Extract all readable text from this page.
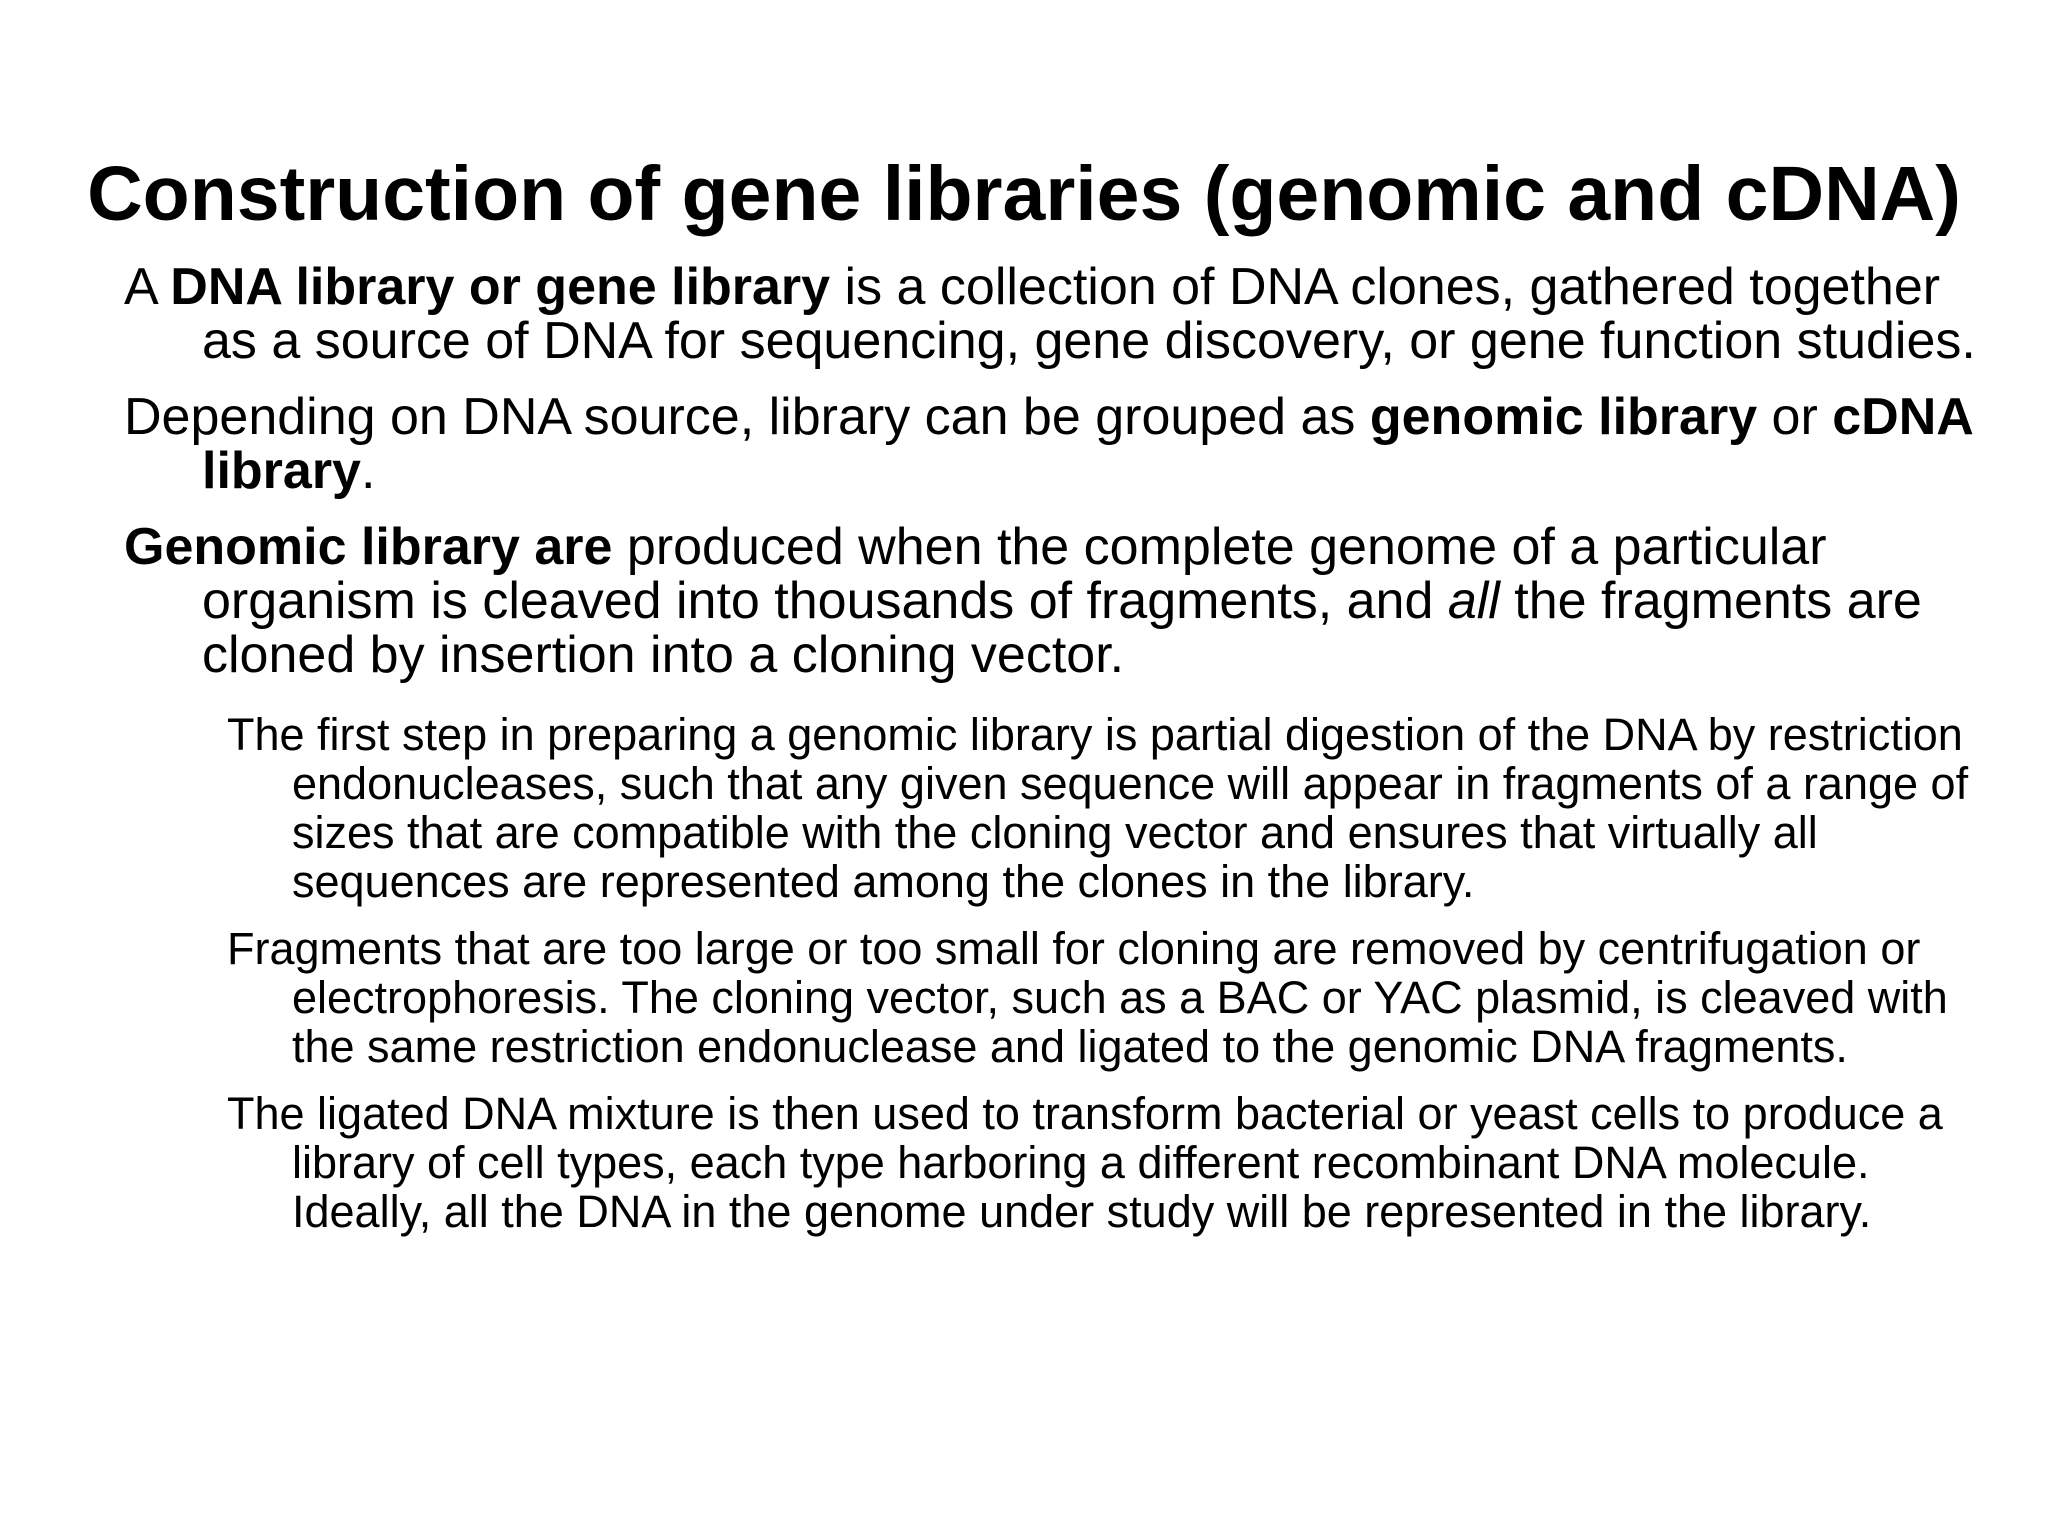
Construction of gene libraries (genomic and cDNA)

A DNA library or gene library is a collection of DNA clones, gathered together as a source of DNA for sequencing, gene discovery, or gene function studies.

Depending on DNA source, library can be grouped as genomic library or cDNA library.

Genomic library are produced when the complete genome of a particular organism is cleaved into thousands of fragments, and all the fragments are cloned by insertion into a cloning vector.

The first step in preparing a genomic library is partial digestion of the DNA by restriction endonucleases, such that any given sequence will appear in fragments of a range of sizes that are compatible with the cloning vector and ensures that virtually all sequences are represented among the clones in the library.

Fragments that are too large or too small for cloning are removed by centrifugation or electrophoresis. The cloning vector, such as a BAC or YAC plasmid, is cleaved with the same restriction endonuclease and ligated to the genomic DNA fragments.

The ligated DNA mixture is then used to transform bacterial or yeast cells to produce a library of cell types, each type harboring a different recombinant DNA molecule. Ideally, all the DNA in the genome under study will be represented in the library.
